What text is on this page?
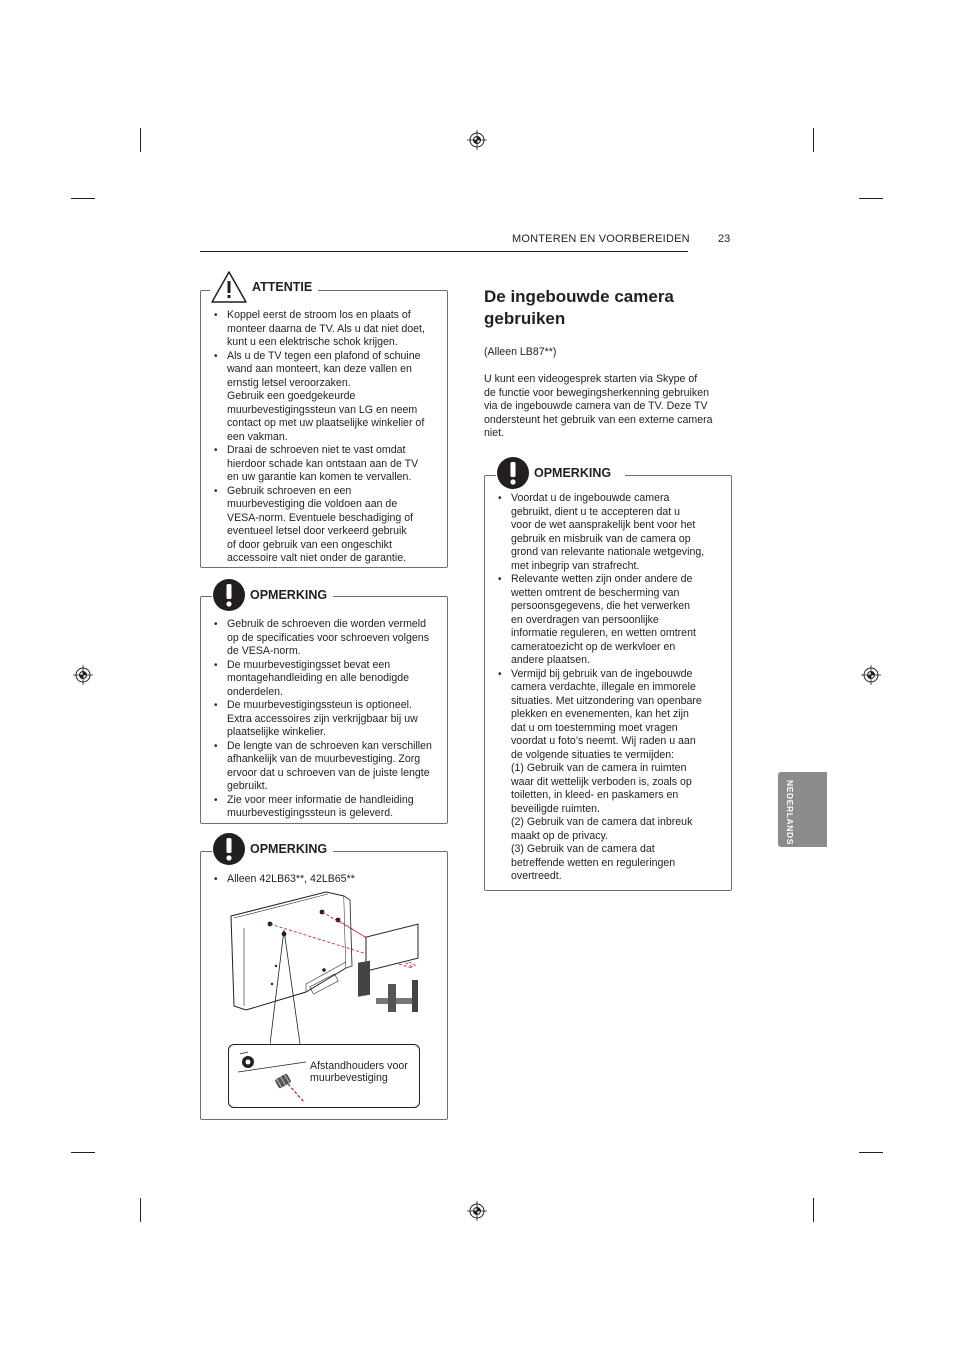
MONTEREN EN VOORBEREIDEN	23
NEDERLANDS
ATTENTIE
• Koppel eerst de stroom los en plaats of
monteer daarna de TV. Als u dat niet doet,
kunt u een elektrische schok krijgen.
• Als u de TV tegen een plafond of schuine
wand aan monteert, kan deze vallen en
ernstig letsel veroorzaken.
Gebruik een goedgekeurde
muurbevestigingssteun van LG en neem
contact op met uw plaatselijke winkelier of
een vakman.
• Draai de schroeven niet te vast omdat
hierdoor schade kan ontstaan aan de TV
en uw garantie kan komen te vervallen.
• Gebruik schroeven en een
muurbevestiging die voldoen aan de
VESA-norm. Eventuele beschadiging of
eventueel letsel door verkeerd gebruik
of door gebruik van een ongeschikt
accessoire valt niet onder de garantie.
OPMERKING
• Gebruik de schroeven die worden vermeld
op de specificaties voor schroeven volgens
de VESA-norm.
• De muurbevestigingsset bevat een
montagehandleiding en alle benodigde
onderdelen.
• De muurbevestigingssteun is optioneel.
Extra accessoires zijn verkrijgbaar bij uw
plaatselijke winkelier.
• De lengte van de schroeven kan verschillen
afhankelijk van de muurbevestiging. Zorg
ervoor dat u schroeven van de juiste lengte
gebruikt.
• Zie voor meer informatie de handleiding
muurbevestigingssteun is geleverd.
OPMERKING
• Alleen 42LB63**, 42LB65**
Afstandhouders voor
muurbevestiging
De ingebouwde camera gebruiken
(Alleen LB87**)
U kunt een videogesprek starten via Skype of
de functie voor bewegingsherkenning gebruiken
via de ingebouwde camera van de TV. Deze TV
ondersteunt het gebruik van een externe camera
niet.
OPMERKING
• Voordat u de ingebouwde camera
gebruikt, dient u te accepteren dat u
voor de wet aansprakelijk bent voor het
gebruik en misbruik van de camera op
grond van relevante nationale wetgeving,
met inbegrip van strafrecht.
• Relevante wetten zijn onder andere de
wetten omtrent de bescherming van
persoonsgegevens, die het verwerken
en overdragen van persoonlijke
informatie reguleren, en wetten omtrent
cameratoezicht op de werkvloer en
andere plaatsen.
• Vermijd bij gebruik van de ingebouwde
camera verdachte, illegale en immorele
situaties. Met uitzondering van openbare
plekken en evenementen, kan het zijn
dat u om toestemming moet vragen
voordat u foto’s neemt. Wij raden u aan
de volgende situaties te vermijden:
(1) Gebruik van de camera in ruimten
waar dit wettelijk verboden is, zoals op
toiletten, in kleed- en paskamers en
beveiligde ruimten.
(2) Gebruik van de camera dat inbreuk
maakt op de privacy.
(3) Gebruik van de camera dat
betreffende wetten en reguleringen
overtreedt.
